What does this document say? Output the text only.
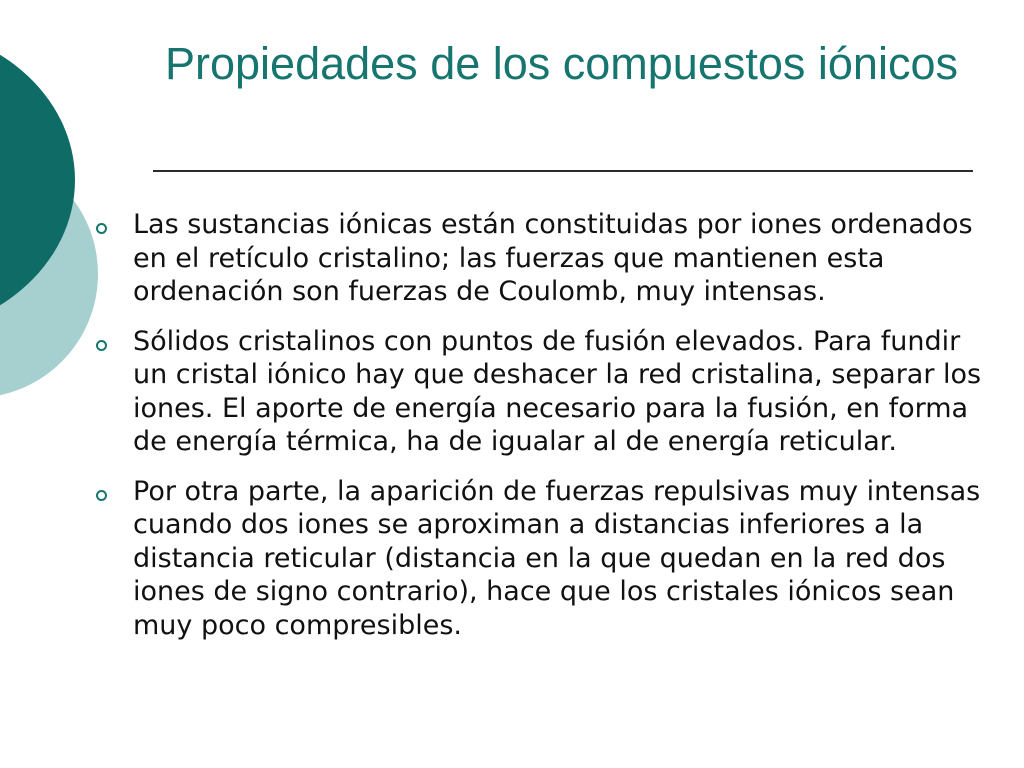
Propiedades de los compuestos iónicos
Las sustancias iónicas están constituidas por iones ordenados en el retículo cristalino; las fuerzas que mantienen esta ordenación son fuerzas de Coulomb, muy intensas.
Sólidos cristalinos con puntos de fusión elevados. Para fundir un cristal iónico hay que deshacer la red cristalina, separar los iones. El aporte de energía necesario para la fusión, en forma de energía térmica, ha de igualar al de energía reticular.
Por otra parte, la aparición de fuerzas repulsivas muy intensas cuando dos iones se aproximan a distancias inferiores a la distancia reticular (distancia en la que quedan en la red dos iones de signo contrario), hace que los cristales iónicos sean muy poco compresibles.
